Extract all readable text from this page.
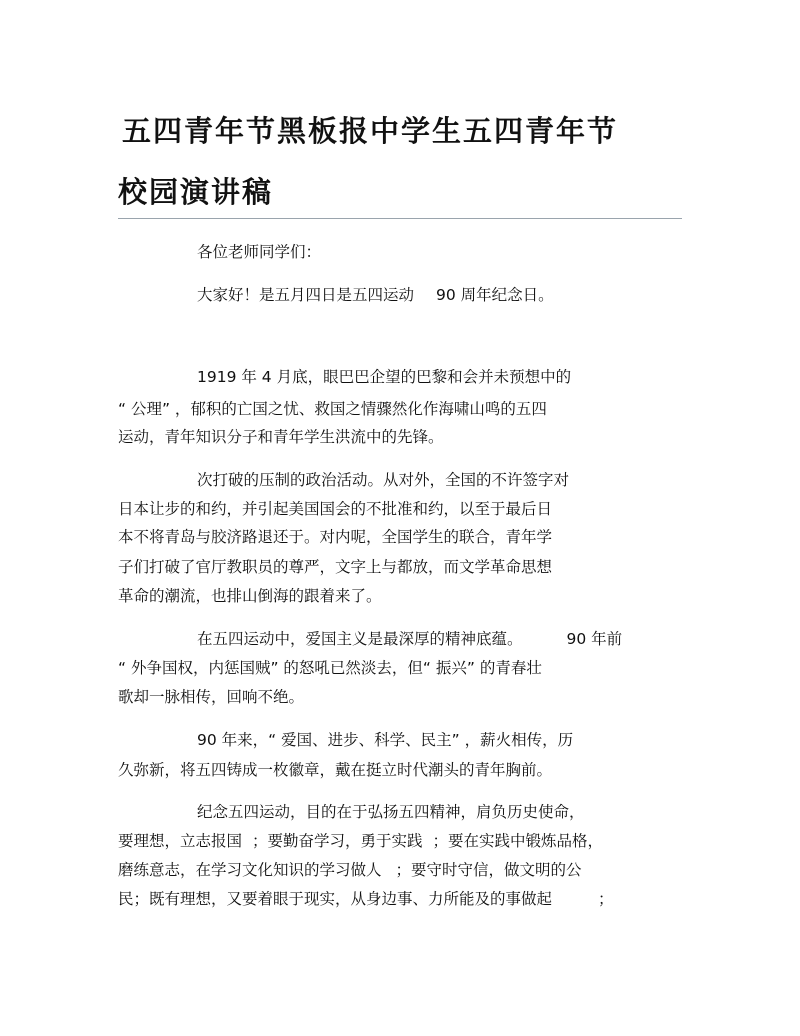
五四青年节黑板报中学生五四青年节
校园演讲稿
各位老师同学们：
大家好！是五月四日是五四运动 90 周年纪念日。
1919 年 4 月底，眼巴巴企望的巴黎和会并未预想中的
“ 公理” ，郁积的亡国之忧、救国之情骤然化作海啸山鸣的五四
运动，青年知识分子和青年学生洪流中的先锋。
次打破的压制的政治活动。从对外，全国的不许签字对
日本让步的和约，并引起美国国会的不批准和约，以至于最后日
本不将青岛与胶济路退还于。对内呢，全国学生的联合，青年学
子们打破了官厅教职员的尊严，文字上与都放，而文学革命思想
革命的潮流，也排山倒海的跟着来了。
在五四运动中，爱国主义是最深厚的精神底蕴。	90 年前
“ 外争国权，内惩国贼” 的怒吼已然淡去，但“ 振兴” 的青春壮
歌却一脉相传，回响不绝。
90 年来，“ 爱国、进步、科学、民主” ，薪火相传，历
久弥新，将五四铸成一枚徽章，戴在挺立时代潮头的青年胸前。
纪念五四运动，目的在于弘扬五四精神，肩负历史使命，
要理想，立志报国 ；要勤奋学习，勇于实践 ；要在实践中锻炼品格，
磨练意志，在学习文化知识的学习做人 ；要守时守信，做文明的公
民；既有理想，又要着眼于现实，从身边事、力所能及的事做起	；
